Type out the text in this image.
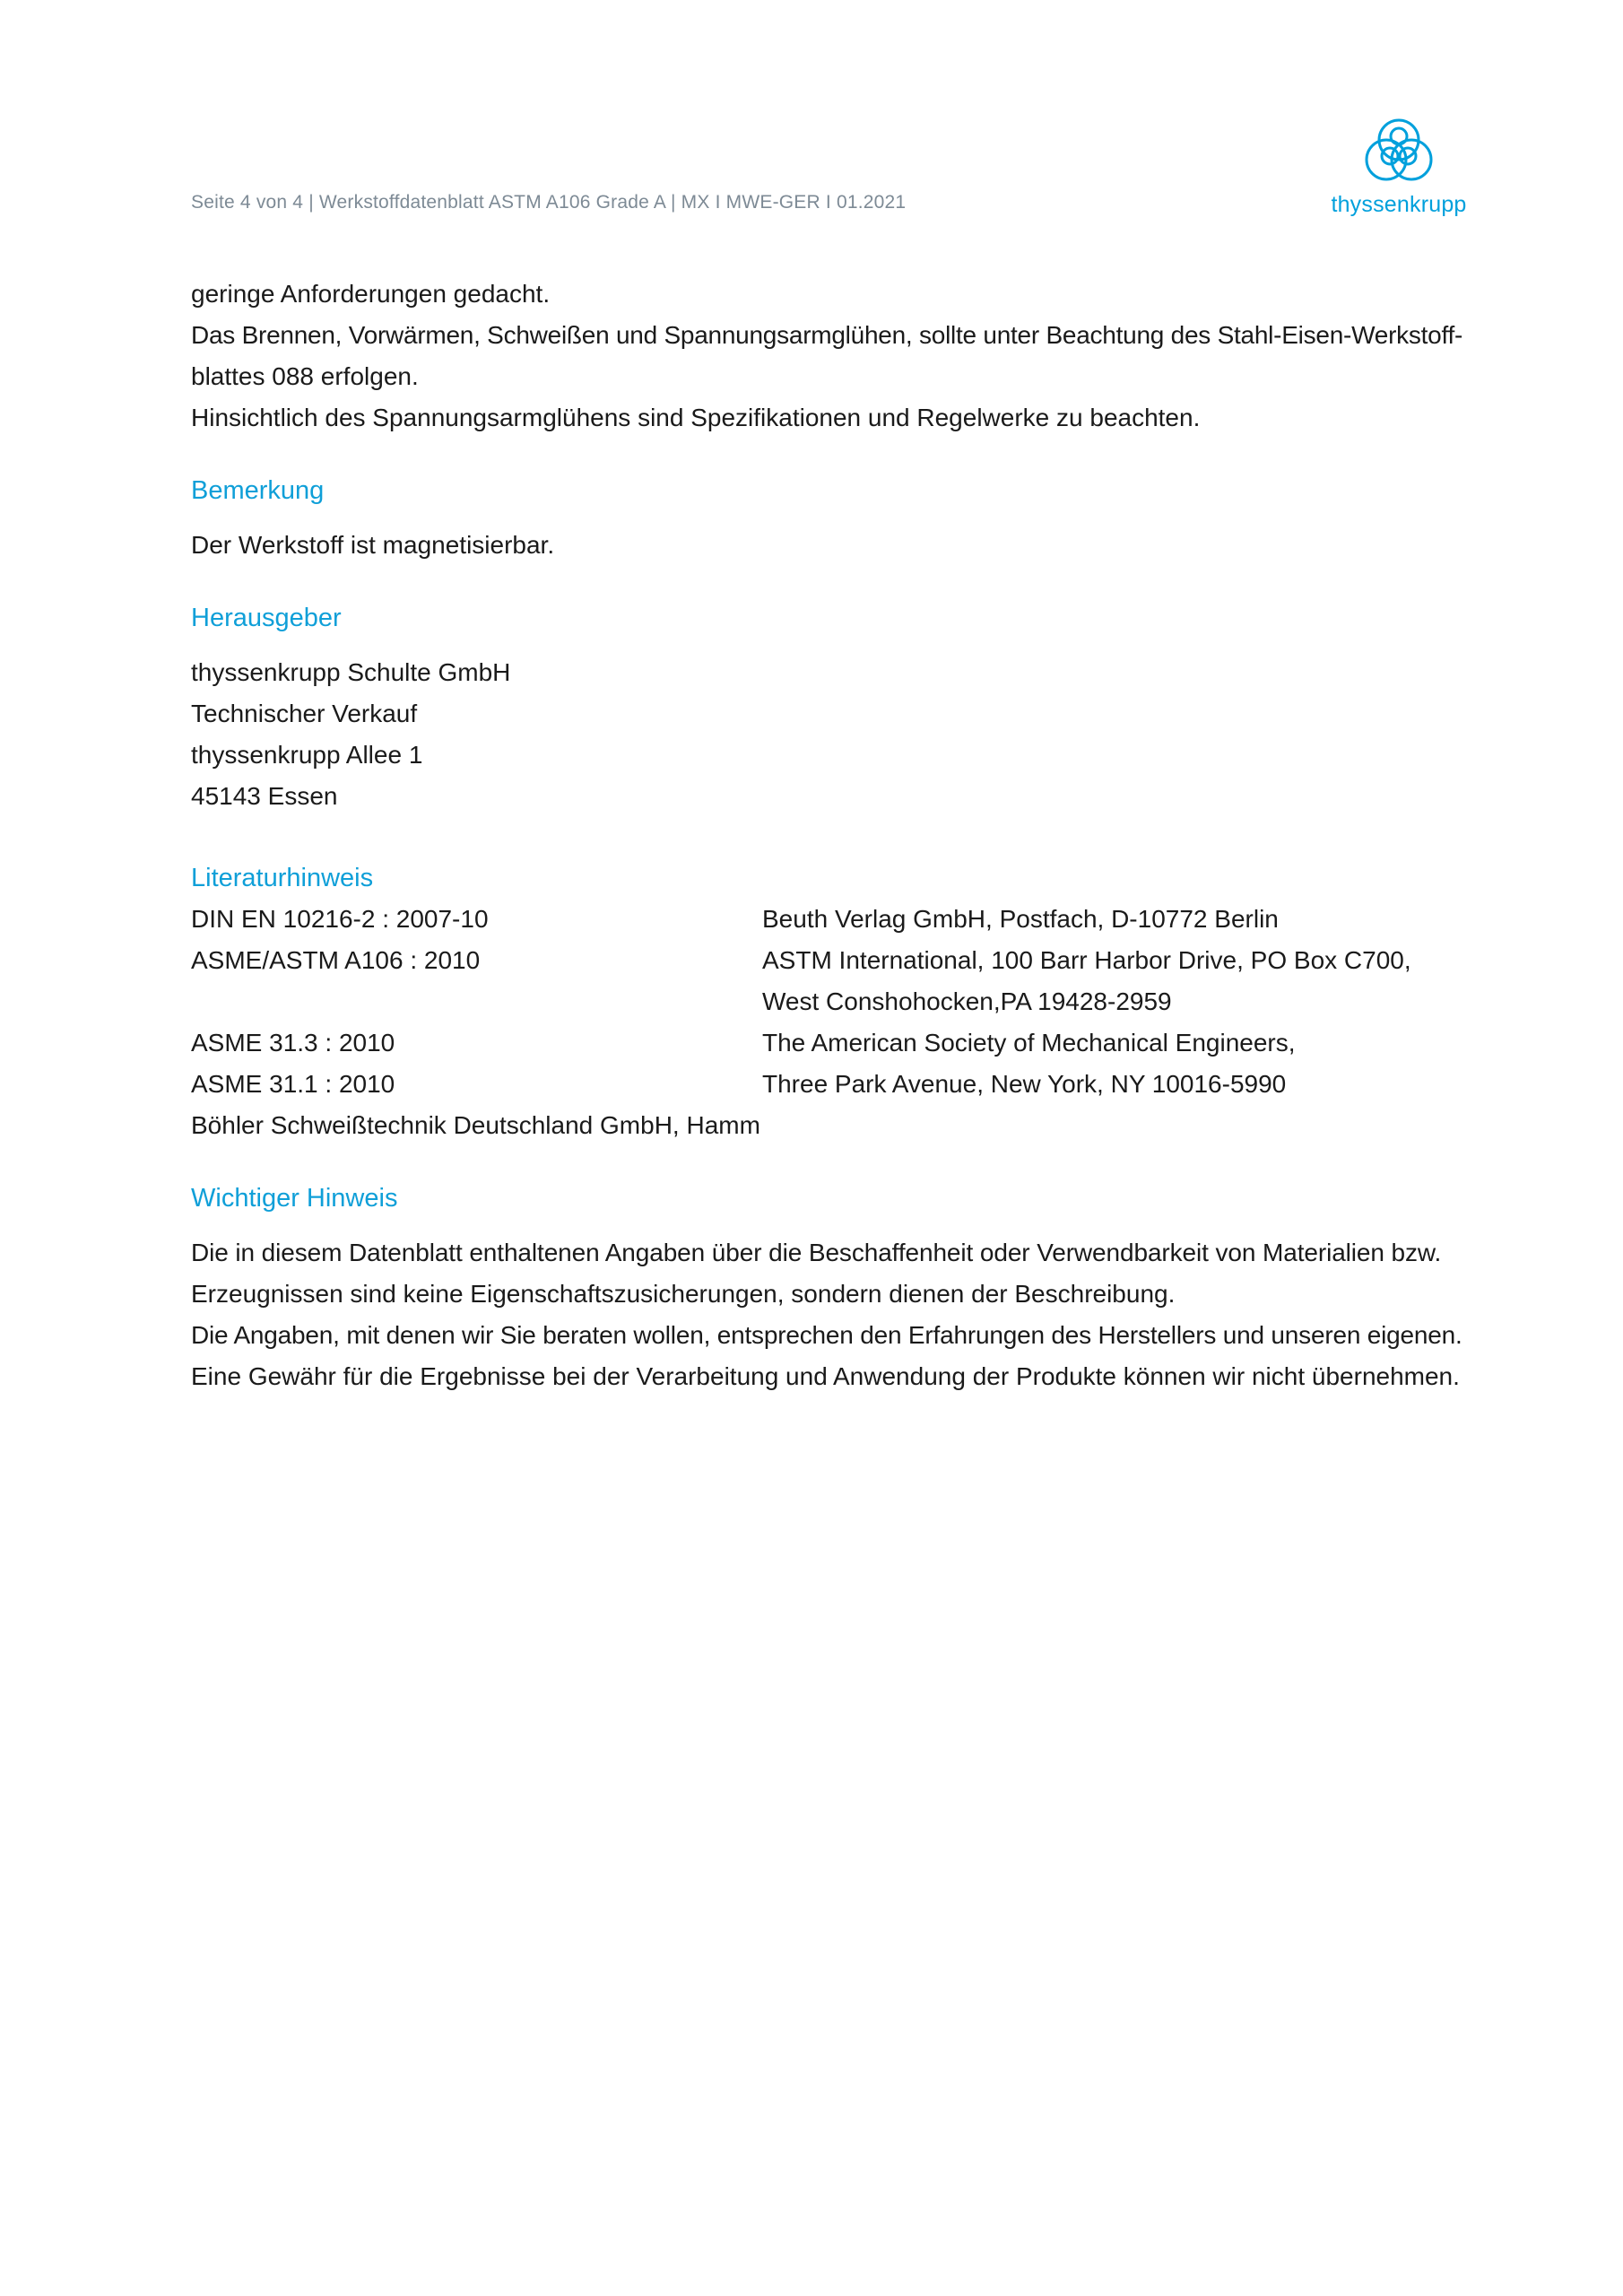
Seite 4 von 4 | Werkstoffdatenblatt ASTM A106 Grade A | MX I MWE-GER I 01.2021	thyssenkrupp

geringe Anforderungen gedacht.

Das Brennen, Vorwärmen, Schweißen und Spannungsarmglühen, sollte unter Beachtung des Stahl-Eisen-Werkstoff-

blattes 088 erfolgen.

Hinsichtlich des Spannungsarmglühens sind Spezifikationen und Regelwerke zu beachten.

Bemerkung

Der Werkstoff ist magnetisierbar.

Herausgeber

thyssenkrupp Schulte GmbH

Technischer Verkauf

thyssenkrupp Allee 1

45143 Essen

Literaturhinweis
DIN EN 10216-2 : 2007-10	Beuth Verlag GmbH, Postfach, D-10772 Berlin
ASME/ASTM A106 : 2010	ASTM International, 100 Barr Harbor Drive, PO Box C700,
West Conshohocken,PA 19428-2959
ASME 31.3 : 2010	The American Society of Mechanical Engineers,
ASME 31.1 : 2010	Three Park Avenue, New York, NY 10016-5990
Böhler Schweißtechnik Deutschland GmbH, Hamm
Wichtiger Hinweis

Die in diesem Datenblatt enthaltenen Angaben über die Beschaffenheit oder Verwendbarkeit von Materialien bzw.

Erzeugnissen sind keine Eigenschaftszusicherungen, sondern dienen der Beschreibung.

Die Angaben, mit denen wir Sie beraten wollen, entsprechen den Erfahrungen des Herstellers und unseren eigenen.

Eine Gewähr für die Ergebnisse bei der Verarbeitung und Anwendung der Produkte können wir nicht übernehmen.
